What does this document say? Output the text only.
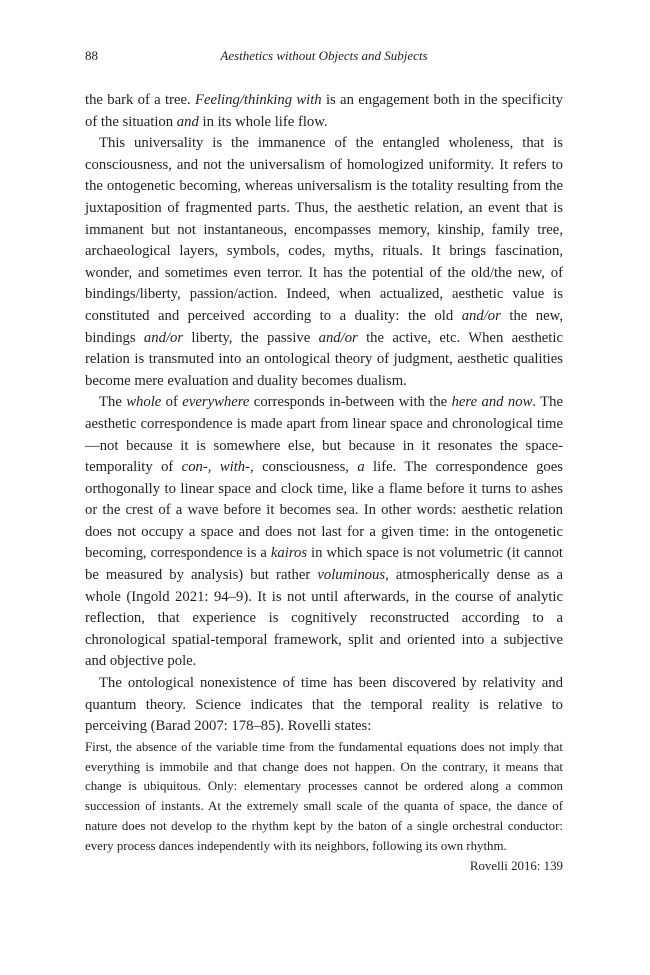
88	Aesthetics without Objects and Subjects

the bark of a tree. Feeling/thinking with is an engagement both in the specificity of the situation and in its whole life flow.

This universality is the immanence of the entangled wholeness, that is consciousness, and not the universalism of homologized uniformity. It refers to the ontogenetic becoming, whereas universalism is the totality resulting from the juxtaposition of fragmented parts. Thus, the aesthetic relation, an event that is immanent but not instantaneous, encompasses memory, kinship, family tree, archaeological layers, symbols, codes, myths, rituals. It brings fascination, wonder, and sometimes even terror. It has the potential of the old/the new, of bindings/liberty, passion/action. Indeed, when actualized, aesthetic value is constituted and perceived according to a duality: the old and/or the new, bindings and/or liberty, the passive and/or the active, etc. When aesthetic relation is transmuted into an ontological theory of judgment, aesthetic qualities become mere evaluation and duality becomes dualism.

The whole of everywhere corresponds in-between with the here and now. The aesthetic correspondence is made apart from linear space and chronological time—not because it is somewhere else, but because in it resonates the space-temporality of con-, with-, consciousness, a life. The correspondence goes orthogonally to linear space and clock time, like a flame before it turns to ashes or the crest of a wave before it becomes sea. In other words: aesthetic relation does not occupy a space and does not last for a given time: in the ontogenetic becoming, correspondence is a kairos in which space is not volumetric (it cannot be measured by analysis) but rather voluminous, atmospherically dense as a whole (Ingold 2021: 94–9). It is not until afterwards, in the course of analytic reflection, that experience is cognitively reconstructed according to a chronological spatial-temporal framework, split and oriented into a subjective and objective pole.

The ontological nonexistence of time has been discovered by relativity and quantum theory. Science indicates that the temporal reality is relative to perceiving (Barad 2007: 178–85). Rovelli states:

First, the absence of the variable time from the fundamental equations does not imply that everything is immobile and that change does not happen. On the contrary, it means that change is ubiquitous. Only: elementary processes cannot be ordered along a common succession of instants. At the extremely small scale of the quanta of space, the dance of nature does not develop to the rhythm kept by the baton of a single orchestral conductor: every process dances independently with its neighbors, following its own rhythm.

Rovelli 2016: 139
